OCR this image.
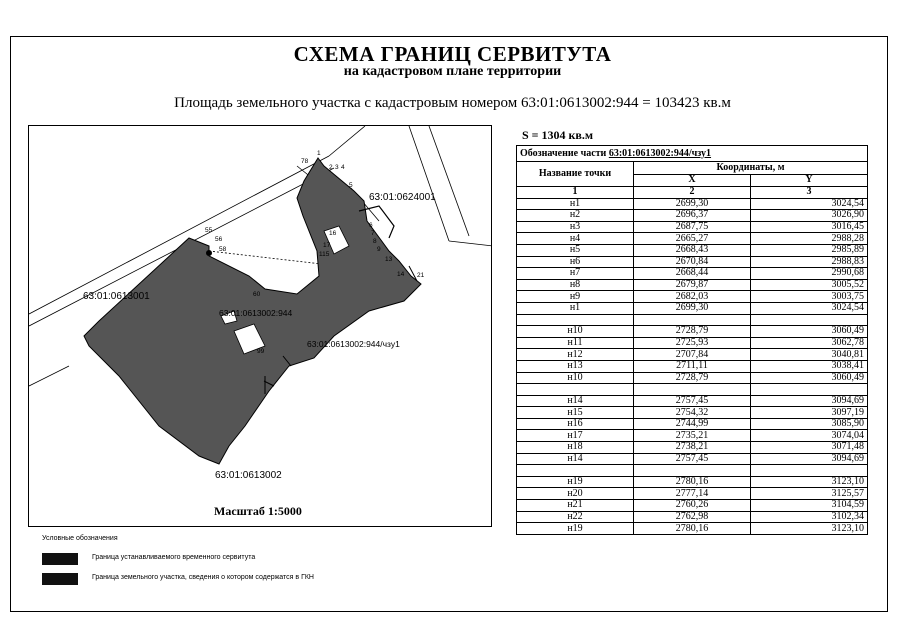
СХЕМА ГРАНИЦ СЕРВИТУТА
на кадастровом плане территории
Площадь земельного участка с кадастровым номером 63:01:0613002:944 = 103423 кв.м
63:01:0624001
63:01:0613001
63:01:0613002
63:01:0613002:944
63:01:0613002:944/чзу1
1
2 3 4
5
6
7
8
9
13
14
16
17
115
21
55
56
58
60
78
99
Масштаб 1:5000
Условные обозначения
Граница устанавливаемого временного сервитута
Граница земельного участка, сведения о котором содержатся в ГКН
S = 1304 кв.м
Обозначение части 63:01:0613002:944/чзу1		
Название точки	Координаты, м	
	X	Y
1	2	3
н1	2699,30	3024,54
н2	2696,37	3026,90
н3	2687,75	3016,45
н4	2665,27	2988,28
н5	2668,43	2985,89
н6	2670,84	2988,83
н7	2668,44	2990,68
н8	2679,87	3005,52
н9	2682,03	3003,75
н1	2699,30	3024,54

н10	2728,79	3060,49
н11	2725,93	3062,78
н12	2707,84	3040,81
н13	2711,11	3038,41
н10	2728,79	3060,49

н14	2757,45	3094,69
н15	2754,32	3097,19
н16	2744,99	3085,90
н17	2735,21	3074,04
н18	2738,21	3071,48
н14	2757,45	3094,69

н19	2780,16	3123,10
н20	2777,14	3125,57
н21	2760,26	3104,59
н22	2762,98	3102,34
н19	2780,16	3123,10
